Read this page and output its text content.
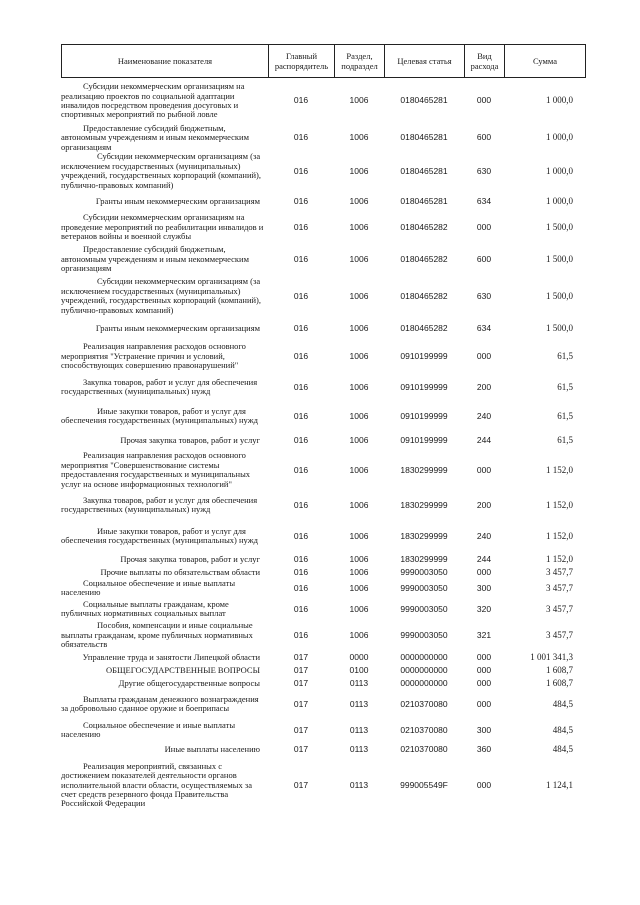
Наименование показателя	Главный распорядитель	Раздел, подраздел	Целевая статья	Вид расхода	Сумма
Субсидии некоммерческим организациям на реализацию проектов по социальной адаптации инвалидов посредством проведения досуговых и спортивных мероприятий по рыбной ловле	016	1006	0180465281	000	1 000,0
Предоставление субсидий бюджетным, автономным учреждениям и иным некоммерческим организациям	016	1006	0180465281	600	1 000,0
Субсидии некоммерческим организациям (за исключением государственных (муниципальных) учреждений, государственных корпораций (компаний), публично-правовых компаний)	016	1006	0180465281	630	1 000,0
Гранты иным некоммерческим организациям	016	1006	0180465281	634	1 000,0
Субсидии некоммерческим организациям на проведение мероприятий по реабилитации инвалидов и ветеранов войны и военной службы	016	1006	0180465282	000	1 500,0
Предоставление субсидий бюджетным, автономным учреждениям и иным некоммерческим организациям	016	1006	0180465282	600	1 500,0
Субсидии некоммерческим организациям (за исключением государственных (муниципальных) учреждений, государственных корпораций (компаний), публично-правовых компаний)	016	1006	0180465282	630	1 500,0
Гранты иным некоммерческим организациям	016	1006	0180465282	634	1 500,0
Реализация направления расходов основного мероприятия "Устранение причин и условий, способствующих совершению правонарушений"	016	1006	0910199999	000	61,5
Закупка товаров, работ и услуг для обеспечения государственных (муниципальных) нужд	016	1006	0910199999	200	61,5
Иные закупки товаров, работ и услуг для обеспечения государственных (муниципальных) нужд	016	1006	0910199999	240	61,5
Прочая закупка товаров, работ и услуг	016	1006	0910199999	244	61,5
Реализация направления расходов основного мероприятия "Совершенствование системы предоставления государственных и муниципальных услуг на основе информационных технологий"	016	1006	1830299999	000	1 152,0
Закупка товаров, работ и услуг для обеспечения государственных (муниципальных) нужд	016	1006	1830299999	200	1 152,0
Иные закупки товаров, работ и услуг для обеспечения государственных (муниципальных) нужд	016	1006	1830299999	240	1 152,0
Прочая закупка товаров, работ и услуг	016	1006	1830299999	244	1 152,0
Прочие выплаты по обязательствам области	016	1006	9990003050	000	3 457,7
Социальное обеспечение и иные выплаты населению	016	1006	9990003050	300	3 457,7
Социальные выплаты гражданам, кроме публичных нормативных социальных выплат	016	1006	9990003050	320	3 457,7
Пособия, компенсации и иные социальные выплаты гражданам, кроме публичных нормативных обязательств	016	1006	9990003050	321	3 457,7
Управление труда и занятости Липецкой области	017	0000	0000000000	000	1 001 341,3
ОБЩЕГОСУДАРСТВЕННЫЕ ВОПРОСЫ	017	0100	0000000000	000	1 608,7
Другие общегосударственные вопросы	017	0113	0000000000	000	1 608,7
Выплаты гражданам денежного вознаграждения за добровольно сданное оружие и боеприпасы	017	0113	0210370080	000	484,5
Социальное обеспечение и иные выплаты населению	017	0113	0210370080	300	484,5
Иные выплаты населению	017	0113	0210370080	360	484,5
Реализация мероприятий, связанных с достижением показателей деятельности органов исполнительной власти области, осуществляемых за счет средств резервного фонда Правительства Российской Федерации	017	0113	999005549F	000	1 124,1
